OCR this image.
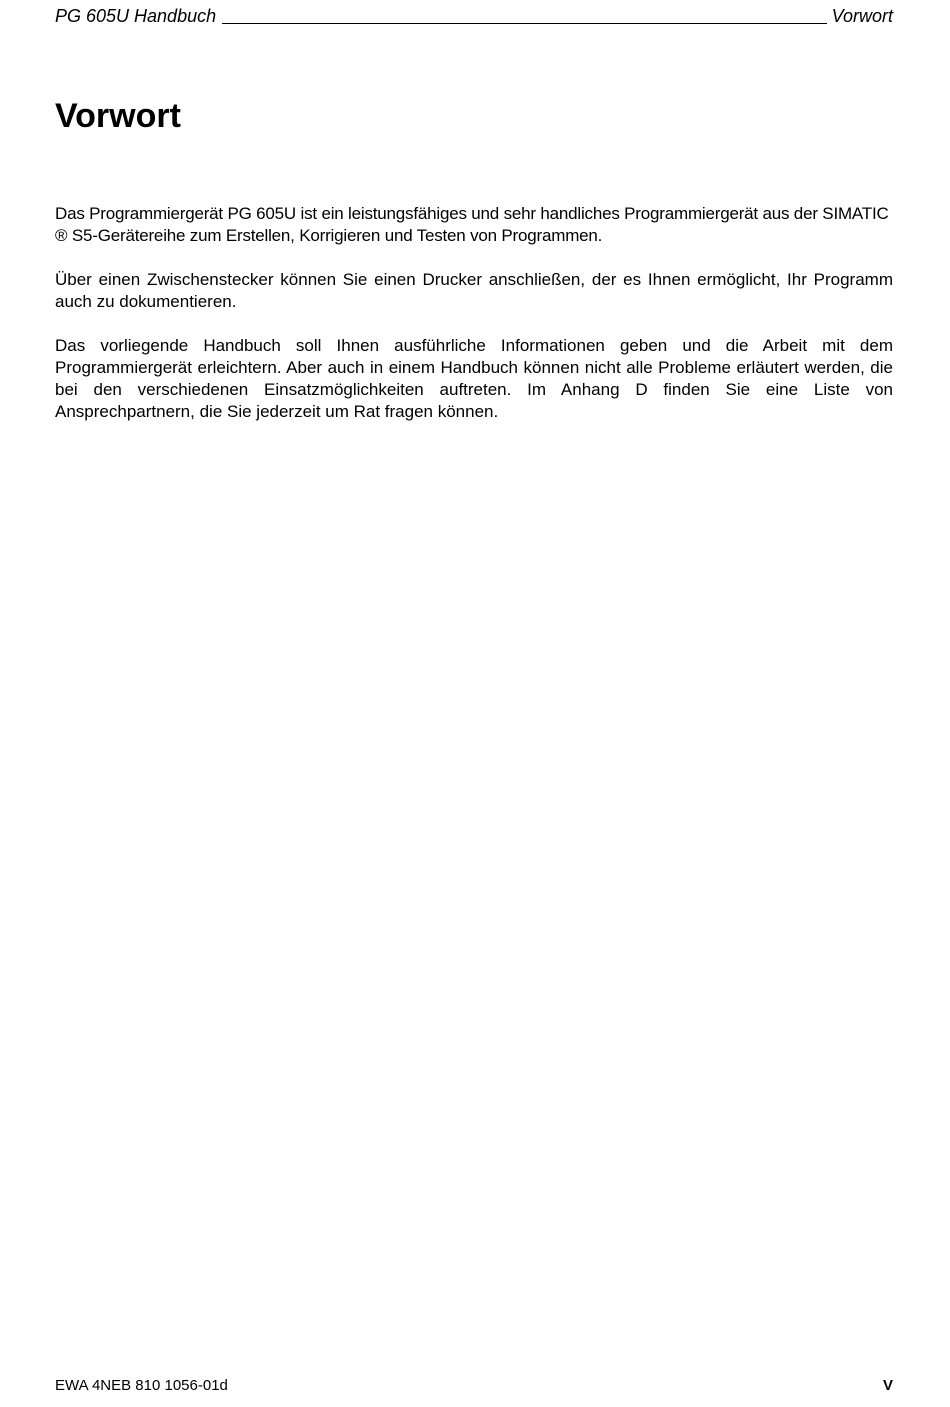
PG 605U Handbuch	Vorwort
Vorwort

Das Programmiergerät PG 605U ist ein leistungsfähiges und sehr handliches Programmiergerät aus der SIMATIC ® S5-Gerätereihe zum Erstellen, Korrigieren und Testen von Programmen.

Über einen Zwischenstecker können Sie einen Drucker anschließen, der es Ihnen ermöglicht, Ihr Programm auch zu dokumentieren.

Das vorliegende Handbuch soll Ihnen ausführliche Informationen geben und die Arbeit mit dem Programmiergerät erleichtern. Aber auch in einem Handbuch können nicht alle Probleme erläutert werden, die bei den verschiedenen Einsatzmöglichkeiten auftreten. Im Anhang D finden Sie eine Liste von Ansprechpartnern, die Sie jederzeit um Rat fragen können.

EWA 4NEB 810 1056-01d	V
